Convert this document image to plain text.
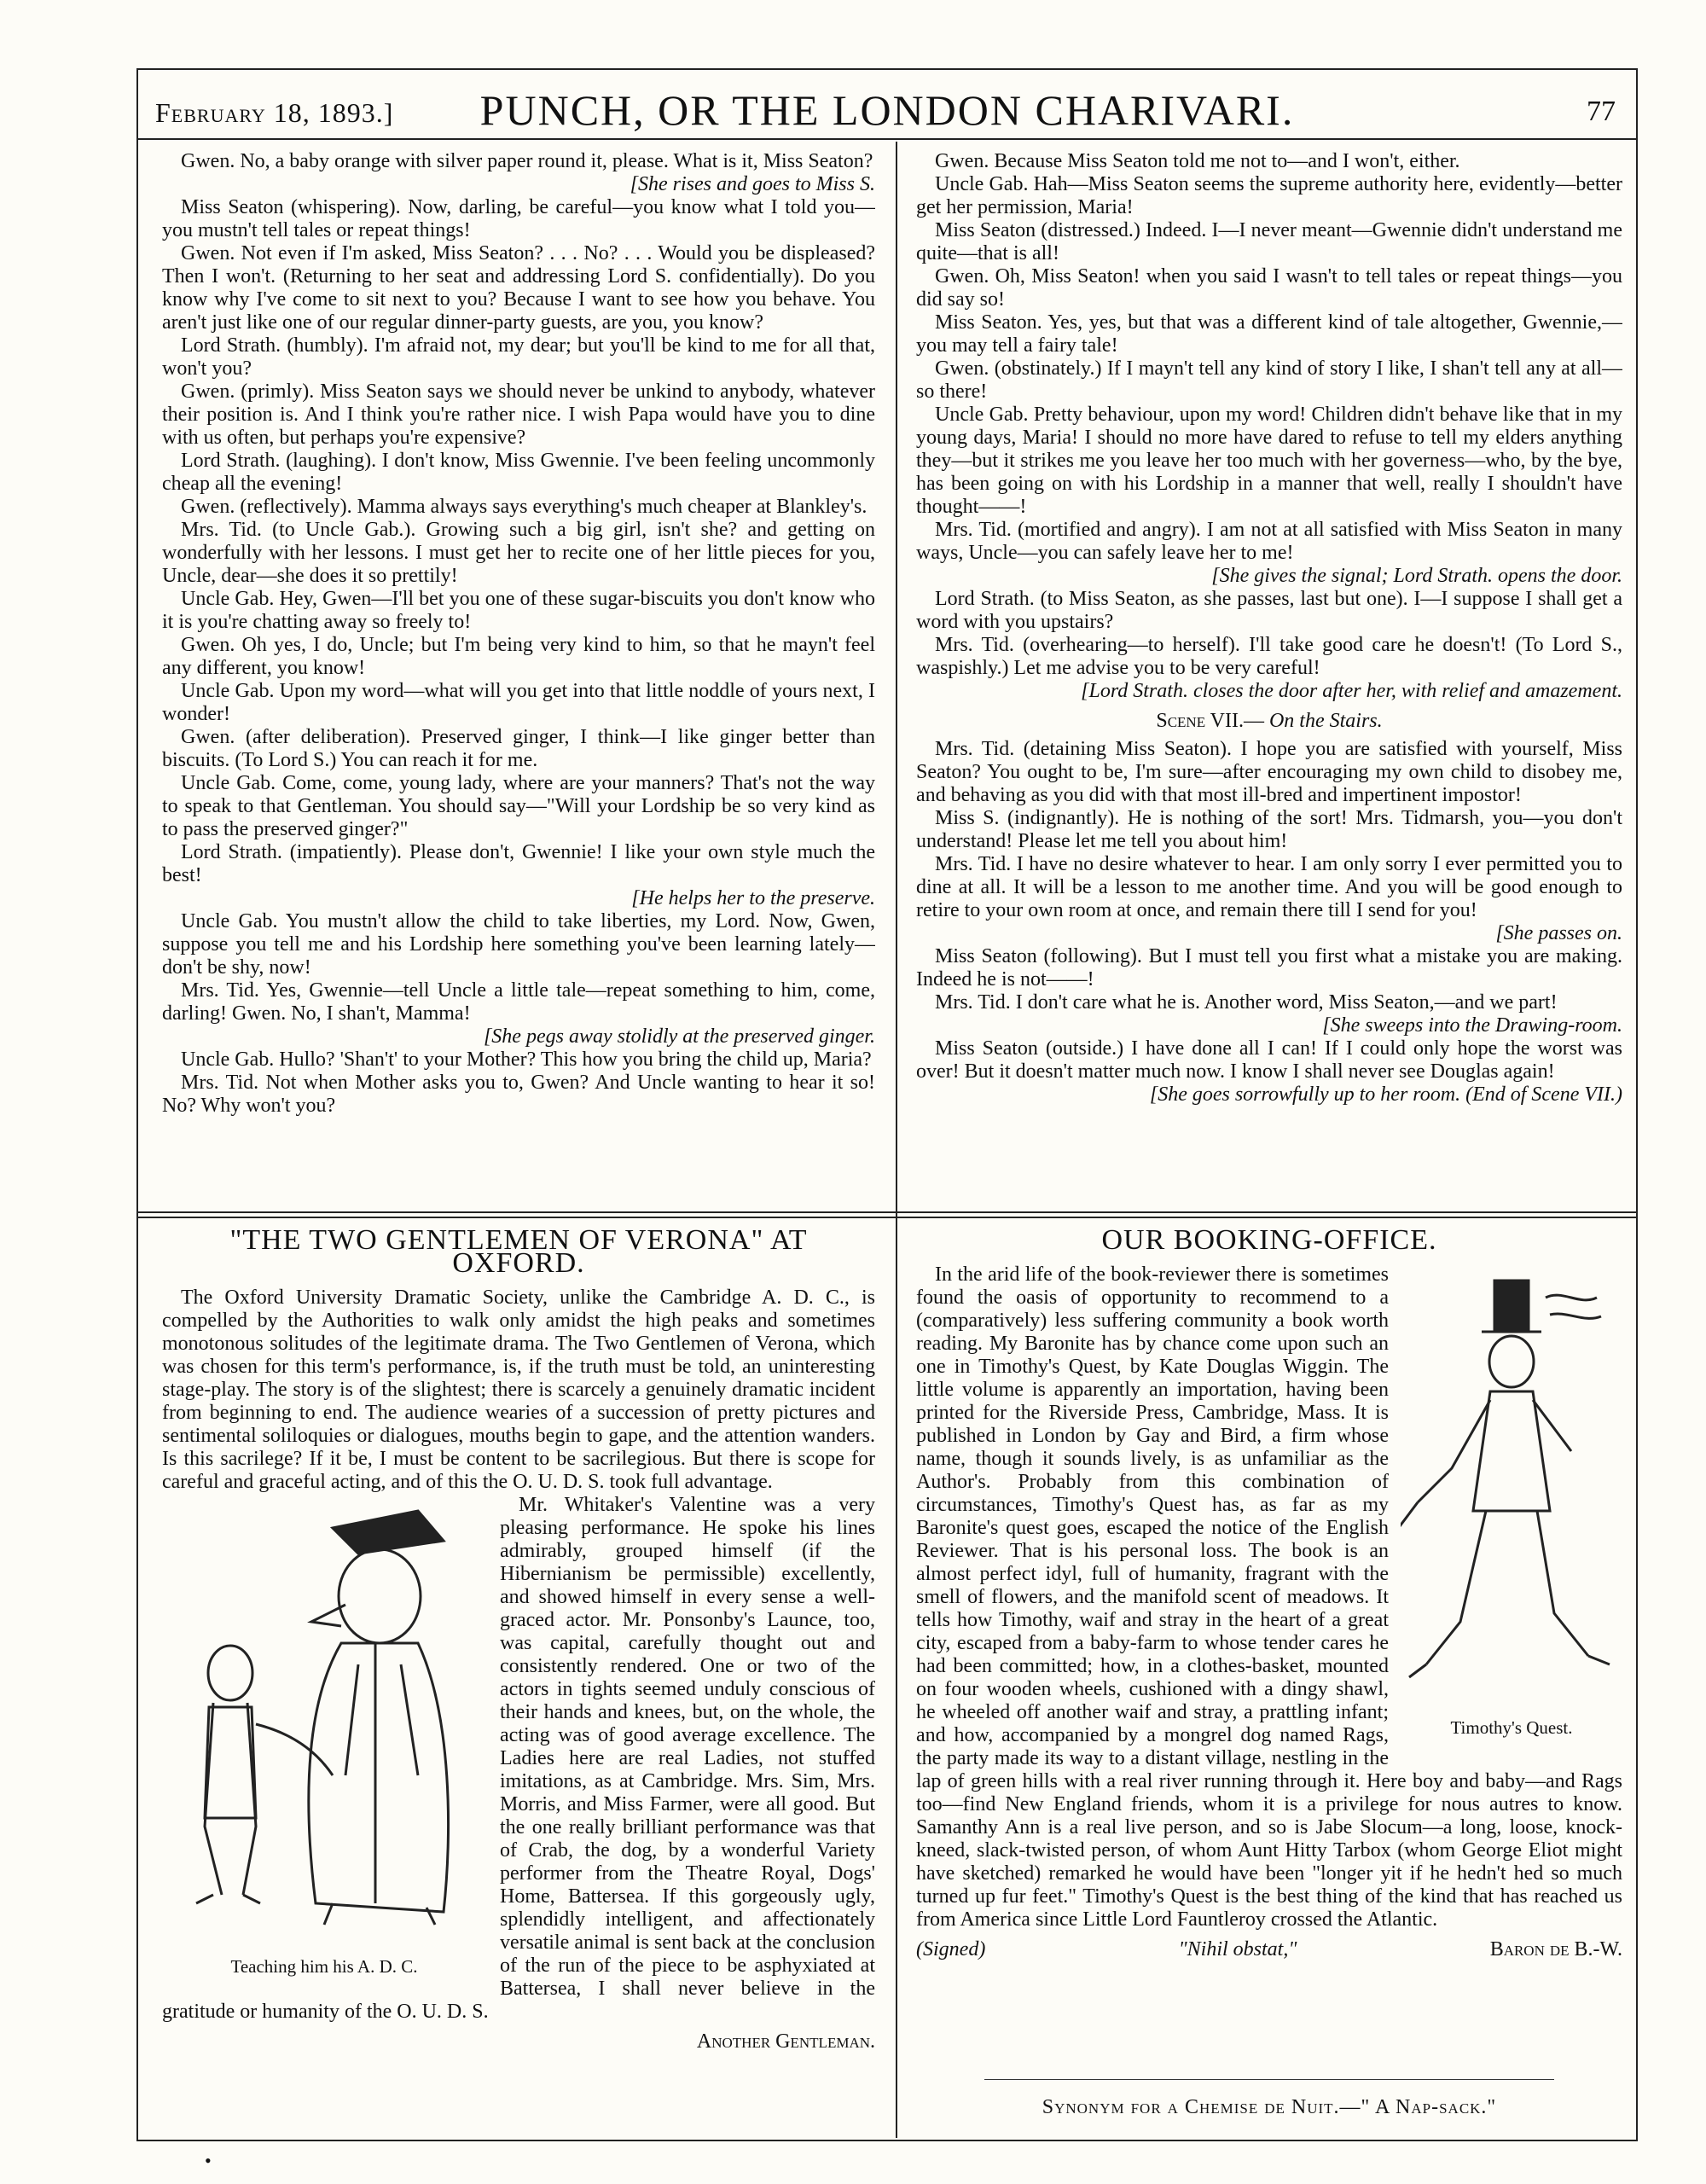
February 18, 1893.]	PUNCH, OR THE LONDON CHARIVARI.	77

Gwen. No, a baby orange with silver paper round it, please. What is it, Miss Seaton?

[She rises and goes to Miss S.

Miss Seaton (whispering). Now, darling, be careful—you know what I told you—you mustn't tell tales or repeat things!

Gwen. Not even if I'm asked, Miss Seaton? . . . No? . . . Would you be displeased? Then I won't. (Returning to her seat and addressing Lord S. confidentially). Do you know why I've come to sit next to you? Because I want to see how you behave. You aren't just like one of our regular dinner-party guests, are you, you know?

Lord Strath. (humbly). I'm afraid not, my dear; but you'll be kind to me for all that, won't you?

Gwen. (primly). Miss Seaton says we should never be unkind to anybody, whatever their position is. And I think you're rather nice. I wish Papa would have you to dine with us often, but perhaps you're expensive?

Lord Strath. (laughing). I don't know, Miss Gwennie. I've been feeling uncommonly cheap all the evening!

Gwen. (reflectively). Mamma always says everything's much cheaper at Blankley's.

Mrs. Tid. (to Uncle Gab.). Growing such a big girl, isn't she? and getting on wonderfully with her lessons. I must get her to recite one of her little pieces for you, Uncle, dear—she does it so prettily!

Uncle Gab. Hey, Gwen—I'll bet you one of these sugar-biscuits you don't know who it is you're chatting away so freely to!

Gwen. Oh yes, I do, Uncle; but I'm being very kind to him, so that he mayn't feel any different, you know!

Uncle Gab. Upon my word—what will you get into that little noddle of yours next, I wonder!

Gwen. (after deliberation). Preserved ginger, I think—I like ginger better than biscuits. (To Lord S.) You can reach it for me.

Uncle Gab. Come, come, young lady, where are your manners? That's not the way to speak to that Gentleman. You should say—"Will your Lordship be so very kind as to pass the preserved ginger?"

Lord Strath. (impatiently). Please don't, Gwennie! I like your own style much the best!

[He helps her to the preserve.

Uncle Gab. You mustn't allow the child to take liberties, my Lord. Now, Gwen, suppose you tell me and his Lordship here something you've been learning lately—don't be shy, now!

Mrs. Tid. Yes, Gwennie—tell Uncle a little tale—repeat something to him, come, darling! Gwen. No, I shan't, Mamma!

[She pegs away stolidly at the preserved ginger.

Uncle Gab. Hullo? 'Shan't' to your Mother? This how you bring the child up, Maria?

Mrs. Tid. Not when Mother asks you to, Gwen? And Uncle wanting to hear it so! No? Why won't you?

Gwen. Because Miss Seaton told me not to—and I won't, either.

Uncle Gab. Hah—Miss Seaton seems the supreme authority here, evidently—better get her permission, Maria!

Miss Seaton (distressed.) Indeed. I—I never meant—Gwennie didn't understand me quite—that is all!

Gwen. Oh, Miss Seaton! when you said I wasn't to tell tales or repeat things—you did say so!

Miss Seaton. Yes, yes, but that was a different kind of tale altogether, Gwennie,—you may tell a fairy tale!

Gwen. (obstinately.) If I mayn't tell any kind of story I like, I shan't tell any at all—so there!

Uncle Gab. Pretty behaviour, upon my word! Children didn't behave like that in my young days, Maria! I should no more have dared to refuse to tell my elders anything they—but it strikes me you leave her too much with her governess—who, by the bye, has been going on with his Lordship in a manner that well, really I shouldn't have thought——!

Mrs. Tid. (mortified and angry). I am not at all satisfied with Miss Seaton in many ways, Uncle—you can safely leave her to me!

[She gives the signal; Lord Strath. opens the door.

Lord Strath. (to Miss Seaton, as she passes, last but one). I—I suppose I shall get a word with you upstairs?

Mrs. Tid. (overhearing—to herself). I'll take good care he doesn't! (To Lord S., waspishly.) Let me advise you to be very careful!

[Lord Strath. closes the door after her, with relief and amazement.

Scene VII.— On the Stairs.

Mrs. Tid. (detaining Miss Seaton). I hope you are satisfied with yourself, Miss Seaton? You ought to be, I'm sure—after encouraging my own child to disobey me, and behaving as you did with that most ill-bred and impertinent impostor!

Miss S. (indignantly). He is nothing of the sort! Mrs. Tidmarsh, you—you don't understand! Please let me tell you about him!

Mrs. Tid. I have no desire whatever to hear. I am only sorry I ever permitted you to dine at all. It will be a lesson to me another time. And you will be good enough to retire to your own room at once, and remain there till I send for you!

[She passes on.

Miss Seaton (following). But I must tell you first what a mistake you are making. Indeed he is not——!

Mrs. Tid. I don't care what he is. Another word, Miss Seaton,—and we part!

[She sweeps into the Drawing-room.

Miss Seaton (outside.) I have done all I can! If I could only hope the worst was over! But it doesn't matter much now. I know I shall never see Douglas again!

[She goes sorrowfully up to her room. (End of Scene VII.)

"THE TWO GENTLEMEN OF VERONA" AT OXFORD.

The Oxford University Dramatic Society, unlike the Cambridge A. D. C., is compelled by the Authorities to walk only amidst the high peaks and sometimes monotonous solitudes of the legitimate drama. The Two Gentlemen of Verona, which was chosen for this term's performance, is, if the truth must be told, an uninteresting stage-play. The story is of the slightest; there is scarcely a genuinely dramatic incident from beginning to end. The audience wearies of a succession of pretty pictures and sentimental soliloquies or dialogues, mouths begin to gape, and the attention wanders. Is this sacrilege? If it be, I must be content to be sacrilegious. But there is scope for careful and graceful acting, and of this the O. U. D. S. took full advantage.

Teaching him his A. D. C.

Mr. Whitaker's Valentine was a very pleasing performance. He spoke his lines admirably, grouped himself (if the Hibernianism be permissible) excellently, and showed himself in every sense a well-graced actor. Mr. Ponsonby's Launce, too, was capital, carefully thought out and consistently rendered. One or two of the actors in tights seemed unduly conscious of their hands and knees, but, on the whole, the acting was of good average excellence. The Ladies here are real Ladies, not stuffed imitations, as at Cambridge. Mrs. Sim, Mrs. Morris, and Miss Farmer, were all good. But the one really brilliant performance was that of Crab, the dog, by a wonderful Variety performer from the Theatre Royal, Dogs' Home, Battersea. If this gorgeously ugly, splendidly intelligent, and affectionately versatile animal is sent back at the conclusion of the run of the piece to be asphyxiated at Battersea, I shall never believe in the gratitude or humanity of the O. U. D. S.

Another Gentleman.
OUR BOOKING-OFFICE.
Timothy's Quest.

In the arid life of the book-reviewer there is sometimes found the oasis of opportunity to recommend to a (comparatively) less suffering community a book worth reading. My Baronite has by chance come upon such an one in Timothy's Quest, by Kate Douglas Wiggin. The little volume is apparently an importation, having been printed for the Riverside Press, Cambridge, Mass. It is published in London by Gay and Bird, a firm whose name, though it sounds lively, is as unfamiliar as the Author's. Probably from this combination of circumstances, Timothy's Quest has, as far as my Baronite's quest goes, escaped the notice of the English Reviewer. That is his personal loss. The book is an almost perfect idyl, full of humanity, fragrant with the smell of flowers, and the manifold scent of meadows. It tells how Timothy, waif and stray in the heart of a great city, escaped from a baby-farm to whose tender cares he had been committed; how, in a clothes-basket, mounted on four wooden wheels, cushioned with a dingy shawl, he wheeled off another waif and stray, a prattling infant; and how, accompanied by a mongrel dog named Rags, the party made its way to a distant village, nestling in the lap of green hills with a real river running through it. Here boy and baby—and Rags too—find New England friends, whom it is a privilege for nous autres to know. Samanthy Ann is a real live person, and so is Jabe Slocum—a long, loose, knock-kneed, slack-twisted person, of whom Aunt Hitty Tarbox (whom George Eliot might have sketched) remarked he would have been "longer yit if he hedn't hed so much turned up fur feet." Timothy's Quest is the best thing of the kind that has reached us from America since Little Lord Fauntleroy crossed the Atlantic.

(Signed)	"Nihil obstat,"	Baron de B.-W.
Synonym for a Chemise de Nuit.—" A Nap-sack."
•
